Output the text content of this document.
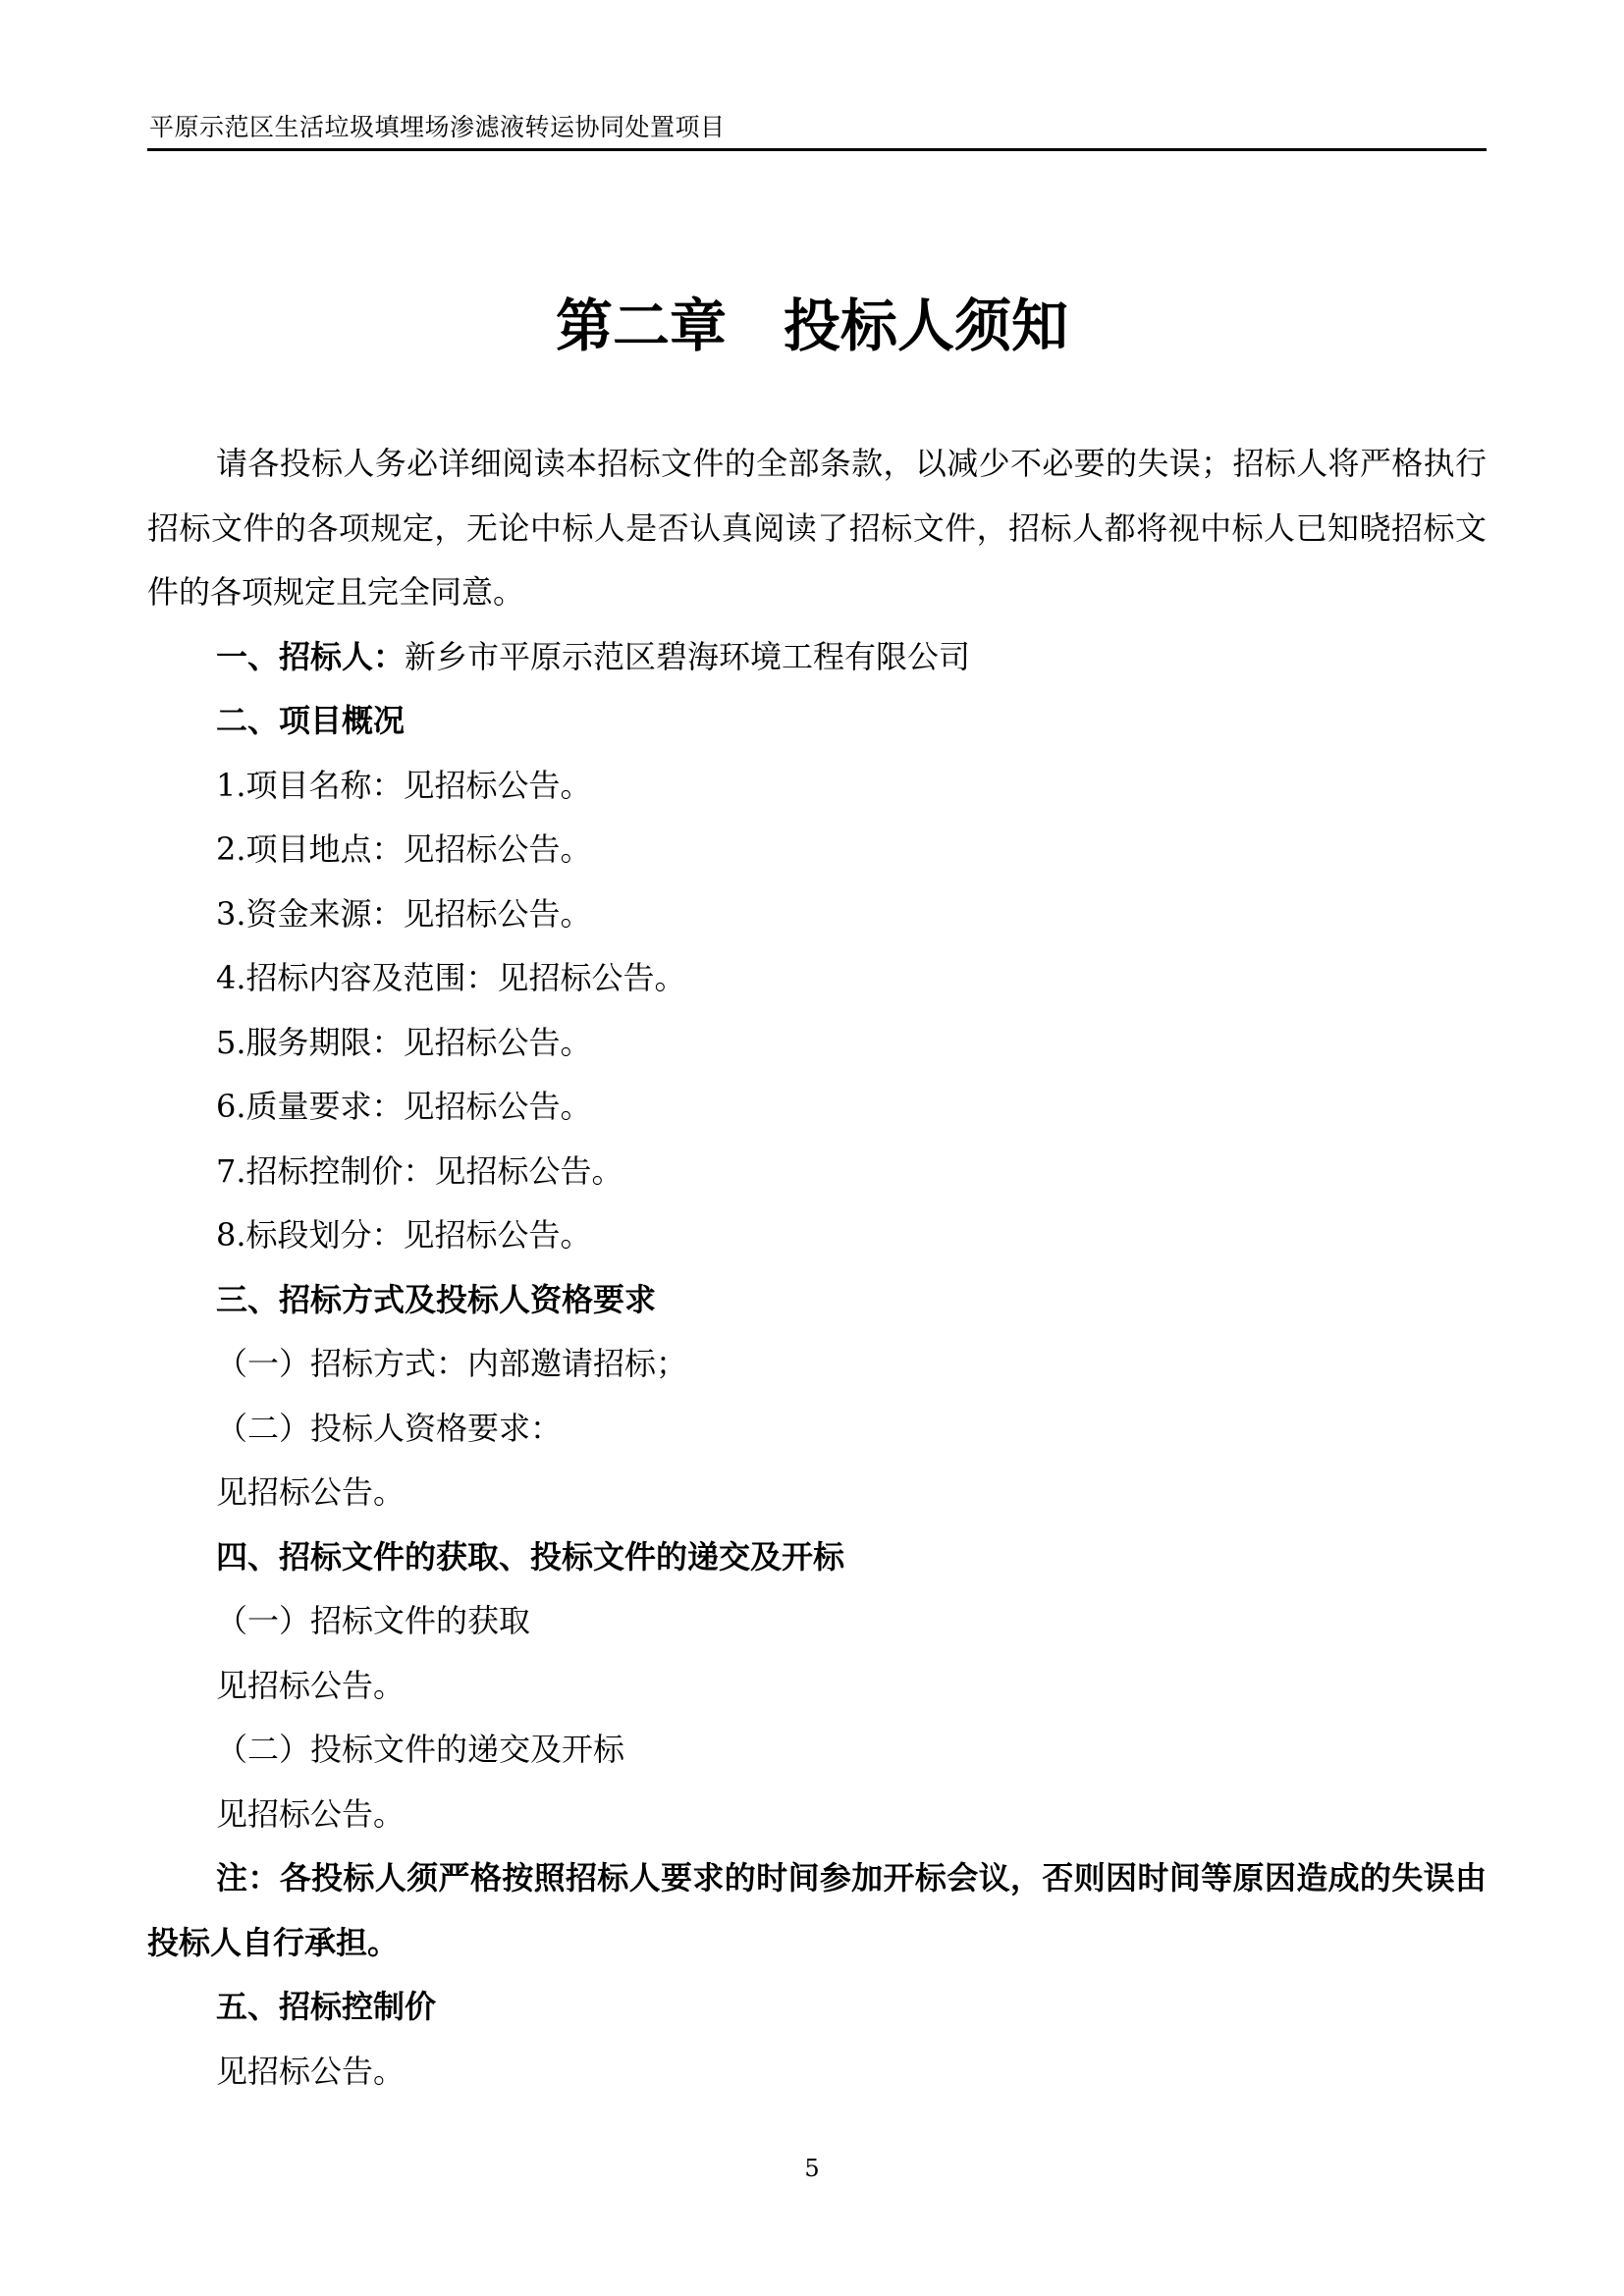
平原示范区生活垃圾填埋场渗滤液转运协同处置项目
第二章 投标人须知

请各投标人务必详细阅读本招标文件的全部条款，以减少不必要的失误；招标人将严格执行招标文件的各项规定，无论中标人是否认真阅读了招标文件，招标人都将视中标人已知晓招标文件的各项规定且完全同意。

一、招标人：新乡市平原示范区碧海环境工程有限公司

二、项目概况

1.项目名称：见招标公告。

2.项目地点：见招标公告。

3.资金来源：见招标公告。

4.招标内容及范围：见招标公告。

5.服务期限：见招标公告。

6.质量要求：见招标公告。

7.招标控制价：见招标公告。

8.标段划分：见招标公告。

三、招标方式及投标人资格要求

（一）招标方式：内部邀请招标；

（二）投标人资格要求：

见招标公告。

四、招标文件的获取、投标文件的递交及开标

（一）招标文件的获取

见招标公告。

（二）投标文件的递交及开标

见招标公告。

注：各投标人须严格按照招标人要求的时间参加开标会议，否则因时间等原因造成的失误由投标人自行承担。

五、招标控制价

见招标公告。

5
